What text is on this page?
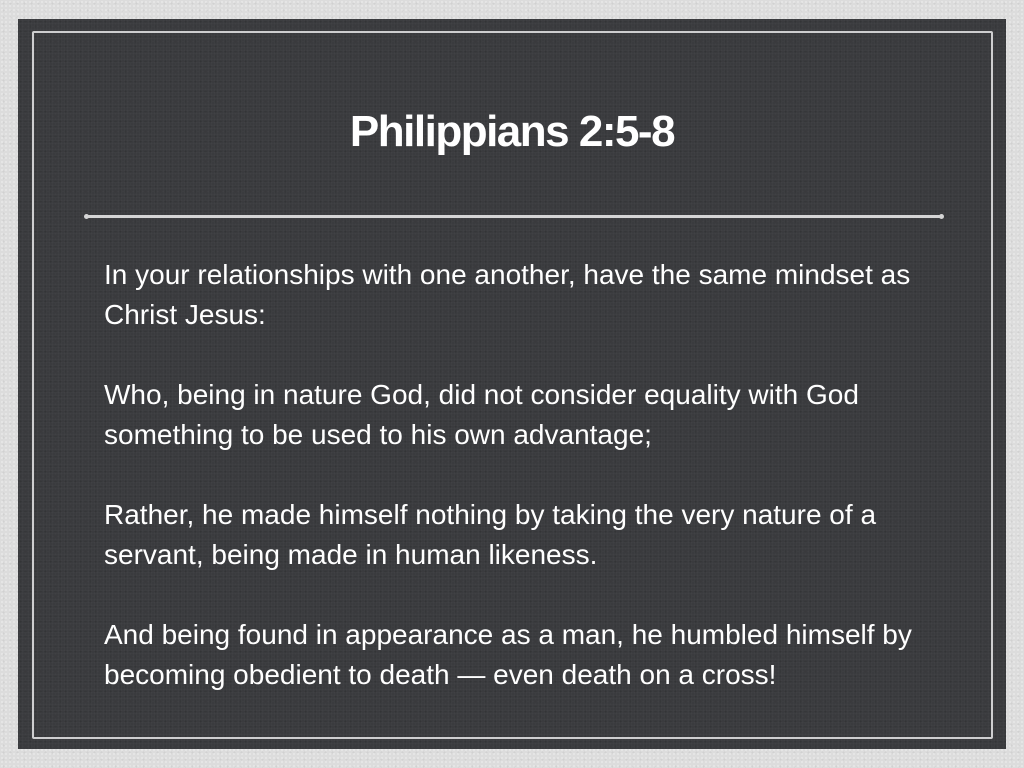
Philippians 2:5-8

In your relationships with one another, have the same mindset as Christ Jesus:

Who, being in nature God, did not consider equality with God something to be used to his own advantage;

Rather, he made himself nothing by taking the very nature of a servant, being made in human likeness.

And being found in appearance as a man, he humbled himself by becoming obedient to death — even death on a cross!
